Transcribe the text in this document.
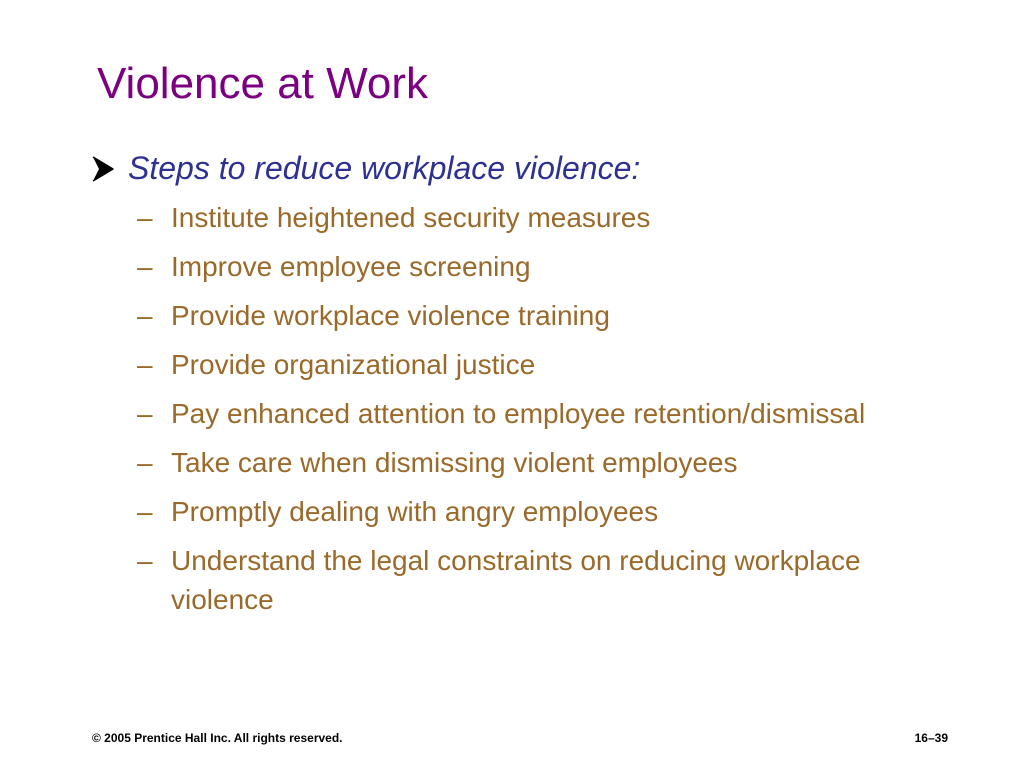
Violence at Work
Steps to reduce workplace violence:
– Institute heightened security measures
– Improve employee screening
– Provide workplace violence training
– Provide organizational justice
– Pay enhanced attention to employee retention/dismissal
– Take care when dismissing violent employees
– Promptly dealing with angry employees
– Understand the legal constraints on reducing workplace violence
© 2005 Prentice Hall Inc. All rights reserved.	16–39
